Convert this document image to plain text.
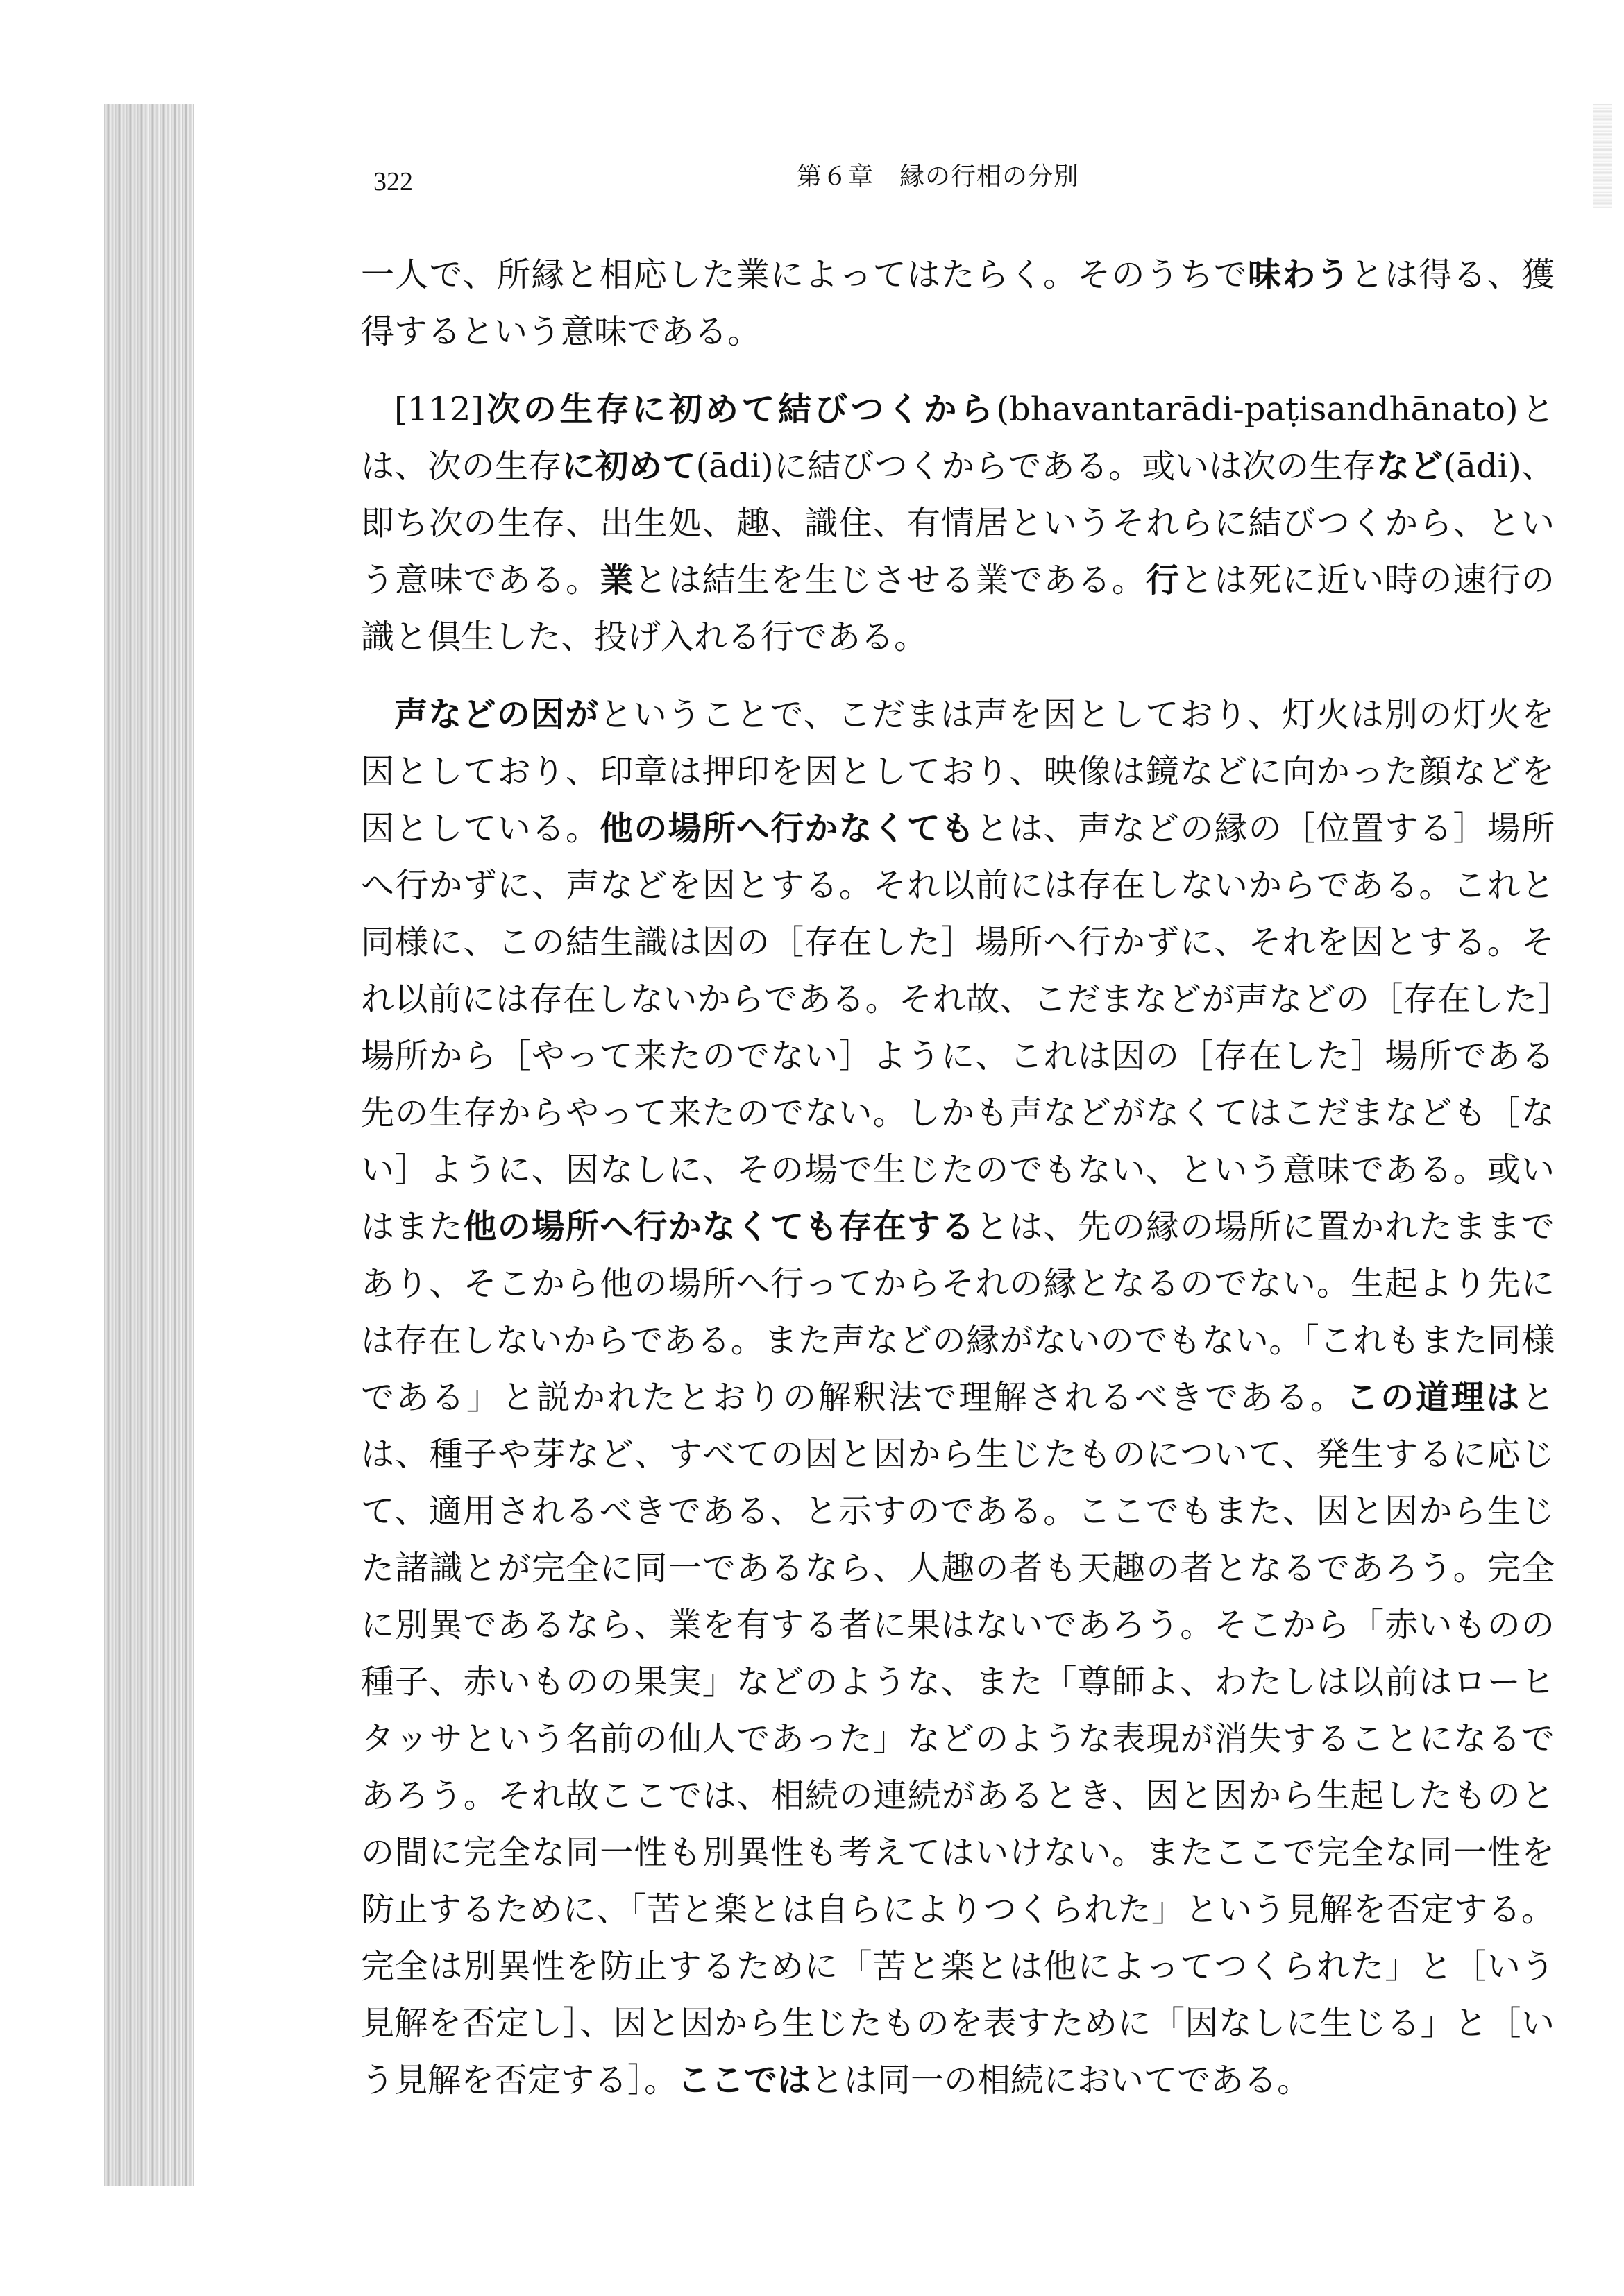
322	第６章　縁の行相の分別

一人で、所縁と相応した業によってはたらく。そのうちで味わうとは得る、獲得するという意味である。

[112]次の生存に初めて結びつくから(bhavantarādi-paṭisandhānato)とは、次の生存に初めて(ādi)に結びつくからである。或いは次の生存など(ādi)、即ち次の生存、出生処、趣、識住、有情居というそれらに結びつくから、という意味である。業とは結生を生じさせる業である。行とは死に近い時の速行の識と倶生した、投げ入れる行である。

声などの因がということで、こだまは声を因としており、灯火は別の灯火を因としており、印章は押印を因としており、映像は鏡などに向かった顔などを因としている。他の場所へ行かなくてもとは、声などの縁の［位置する］場所へ行かずに、声などを因とする。それ以前には存在しないからである。これと同様に、この結生識は因の［存在した］場所へ行かずに、それを因とする。それ以前には存在しないからである。それ故、こだまなどが声などの［存在した］場所から［やって来たのでない］ように、これは因の［存在した］場所である先の生存からやって来たのでない。しかも声などがなくてはこだまなども［ない］ように、因なしに、その場で生じたのでもない、という意味である。或いはまた他の場所へ行かなくても存在するとは、先の縁の場所に置かれたままであり、そこから他の場所へ行ってからそれの縁となるのでない。生起より先には存在しないからである。また声などの縁がないのでもない。「これもまた同様である」と説かれたとおりの解釈法で理解されるべきである。この道理はとは、種子や芽など、すべての因と因から生じたものについて、発生するに応じて、適用されるべきである、と示すのである。ここでもまた、因と因から生じた諸識とが完全に同一であるなら、人趣の者も天趣の者となるであろう。完全に別異であるなら、業を有する者に果はないであろう。そこから「赤いものの種子、赤いものの果実」などのような、また「尊師よ、わたしは以前はローヒタッサという名前の仙人であった」などのような表現が消失することになるであろう。それ故ここでは、相続の連続があるとき、因と因から生起したものとの間に完全な同一性も別異性も考えてはいけない。またここで完全な同一性を防止するために、「苦と楽とは自らによりつくられた」という見解を否定する。完全は別異性を防止するために「苦と楽とは他によってつくられた」と［いう見解を否定し］、因と因から生じたものを表すために「因なしに生じる」と［いう見解を否定する］。ここではとは同一の相続においてである。
